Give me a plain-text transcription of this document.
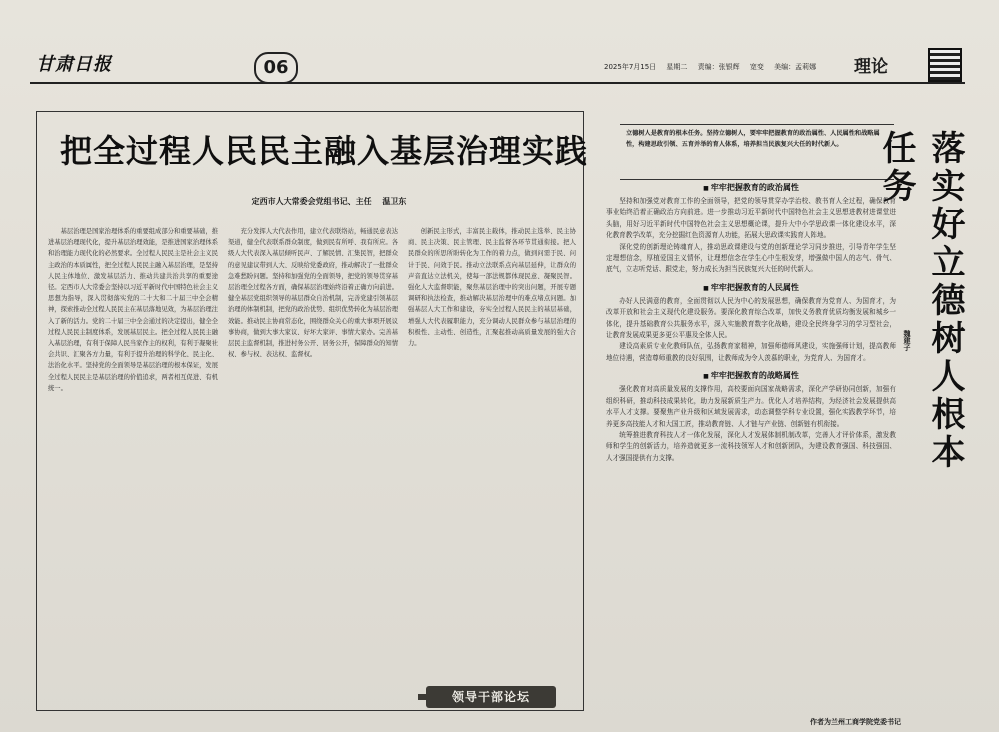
甘肃日报	06	2025年7月15日 星期二 责编：张银辉 宽变 美编：孟莉娜	理论
把全过程人民民主融入基层治理实践
定西市人大常委会党组书记、主任 温卫东

基层治理是国家治理体系的重要组成部分和重要基础，推进基层治理现代化，提升基层治理效能，是推进国家治理体系和治理能力现代化的必然要求。全过程人民民主是社会主义民主政治的本质属性，把全过程人民民主融入基层治理，是坚持人民主体地位、激发基层活力、推动共建共治共享的重要途径。定西市人大常委会坚持以习近平新时代中国特色社会主义思想为指导，深入贯彻落实党的二十大和二十届三中全会精神，探索推动全过程人民民主在基层落地见效，为基层治理注入了新的活力。党的二十届三中全会通过的决定提出，健全全过程人民民主制度体系，发展基层民主。把全过程人民民主融入基层治理，有利于保障人民当家作主的权利，有利于凝聚社会共识、汇聚各方力量，有利于提升治理的科学化、民主化、法治化水平。坚持党的全面领导是基层治理的根本保证，发展全过程人民民主是基层治理的价值追求，两者相互促进、有机统一。

充分发挥人大代表作用，建立代表联络站，畅通民意表达渠道，健全代表联系群众制度，做到民有所呼、我有所应。各级人大代表深入基层倾听民声、了解民情、汇集民智，把群众的意见建议带到人大、反映给党委政府，推动解决了一批群众急难愁盼问题。坚持和加强党的全面领导，把党的领导贯穿基层治理全过程各方面，确保基层治理始终沿着正确方向前进。健全基层党组织领导的基层群众自治机制，完善党建引领基层治理的体制机制，把党的政治优势、组织优势转化为基层治理效能。推动民主协商常态化，围绕群众关心的重大事项开展议事协商，做到大事大家议、好坏大家评、事情大家办。完善基层民主监督机制，推进村务公开、居务公开，保障群众的知情权、参与权、表达权、监督权。

创新民主形式，丰富民主载体，推动民主选举、民主协商、民主决策、民主管理、民主监督各环节贯通衔接。把人民群众的所思所盼转化为工作的着力点，做到问需于民、问计于民、问效于民。推动立法联系点向基层延伸，让群众的声音直达立法机关，使每一部法规都体现民意、凝聚民智。强化人大监督职能，聚焦基层治理中的突出问题，开展专题调研和执法检查，推动解决基层治理中的难点堵点问题。加强基层人大工作和建设，夯实全过程人民民主的基层基础，增强人大代表履职能力，充分调动人民群众参与基层治理的积极性、主动性、创造性，汇聚起推动高质量发展的强大合力。

领导干部论坛
立德树人是教育的根本任务。坚持立德树人，要牢牢把握教育的政治属性、人民属性和战略属性，构建思政引领、五育并举的育人体系，培养担当民族复兴大任的时代新人。	落实好立德树人根本任务
魏建子
■ 牢牢把握教育的政治属性

坚持和加强党对教育工作的全面领导，把党的领导贯穿办学治校、教书育人全过程，确保教育事业始终沿着正确政治方向前进。进一步推动习近平新时代中国特色社会主义思想进教材进课堂进头脑，用好习近平新时代中国特色社会主义思想概论课，提升大中小学思政课一体化建设水平，深化教育教学改革，充分挖掘红色资源育人功能，拓展大思政课实践育人阵地。

深化党的创新理论铸魂育人，推动思政课建设与党的创新理论学习同步推进，引导青年学生坚定理想信念，厚植爱国主义情怀，让理想信念在学生心中生根发芽，增强做中国人的志气、骨气、底气，立志听党话、跟党走，努力成长为担当民族复兴大任的时代新人。

■ 牢牢把握教育的人民属性

办好人民满意的教育，全面贯彻以人民为中心的发展思想，确保教育为党育人、为国育才，为改革开放和社会主义现代化建设服务。要深化教育综合改革，加快义务教育优质均衡发展和城乡一体化，提升基础教育公共服务水平，深入实施教育数字化战略，建设全民终身学习的学习型社会，让教育发展成果更多更公平惠及全体人民。

建设高素质专业化教师队伍，弘扬教育家精神，加强师德师风建设，实施强师计划，提高教师地位待遇，营造尊师重教的良好氛围，让教师成为令人羡慕的职业，为党育人、为国育才。

■ 牢牢把握教育的战略属性

强化教育对高质量发展的支撑作用，高校要面向国家战略需求，深化产学研协同创新，加强有组织科研，推动科技成果转化，助力发展新质生产力。优化人才培养结构，为经济社会发展提供高水平人才支撑。要聚焦产业升级和区域发展需求，动态调整学科专业设置，强化实践教学环节，培养更多高技能人才和大国工匠，推动教育链、人才链与产业链、创新链有机衔接。

统筹推进教育科技人才一体化发展，深化人才发展体制机制改革，完善人才评价体系，激发教师和学生的创新活力，培养造就更多一流科技领军人才和创新团队，为建设教育强国、科技强国、人才强国提供有力支撑。

作者为兰州工商学院党委书记
